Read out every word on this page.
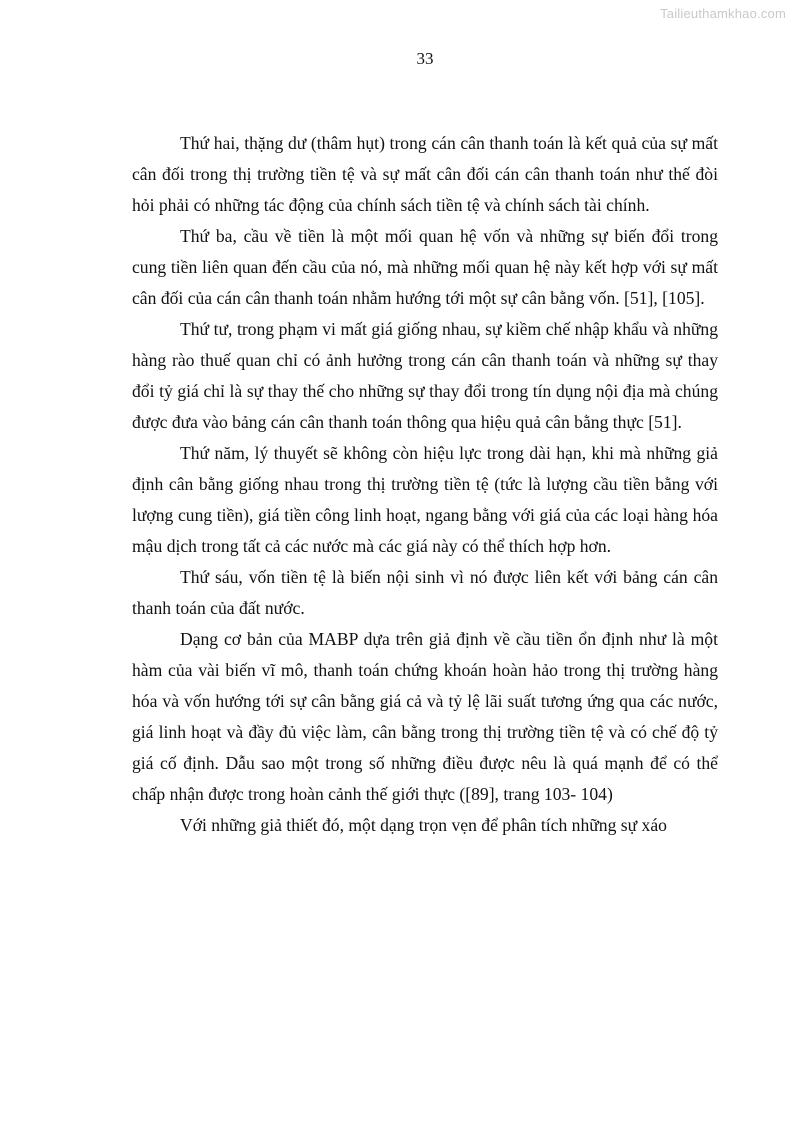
Tailieuthamkhao.com
33

Thứ hai, thặng dư (thâm hụt) trong cán cân thanh toán là kết quả của sự mất cân đối trong thị trường tiền tệ và sự mất cân đối cán cân thanh toán như thế đòi hỏi phải có những tác động của chính sách tiền tệ và chính sách tài chính.

Thứ ba, cầu về tiền là một mối quan hệ vốn và những sự biến đổi trong cung tiền liên quan đến cầu của nó, mà những mối quan hệ này kết hợp với sự mất cân đối của cán cân thanh toán nhằm hướng tới một sự cân bằng vốn. [51], [105].

Thứ tư, trong phạm vi mất giá giống nhau, sự kiềm chế nhập khẩu và những hàng rào thuế quan chỉ có ảnh hưởng trong cán cân thanh toán và những sự thay đổi tỷ giá chỉ là sự thay thế cho những sự thay đổi trong tín dụng nội địa mà chúng được đưa vào bảng cán cân thanh toán thông qua hiệu quả cân bằng thực [51].

Thứ năm, lý thuyết sẽ không còn hiệu lực trong dài hạn, khi mà những giả định cân bằng giống nhau trong thị trường tiền tệ (tức là lượng cầu tiền bằng với lượng cung tiền), giá tiền công linh hoạt, ngang bằng với giá của các loại hàng hóa mậu dịch trong tất cả các nước mà các giá này có thể thích hợp hơn.

Thứ sáu, vốn tiền tệ là biến nội sinh vì nó được liên kết với bảng cán cân thanh toán của đất nước.

Dạng cơ bản của MABP dựa trên giả định về cầu tiền ổn định như là một hàm của vài biến vĩ mô, thanh toán chứng khoán hoàn hảo trong thị trường hàng hóa và vốn hướng tới sự cân bằng giá cả và tỷ lệ lãi suất tương ứng qua các nước, giá linh hoạt và đầy đủ việc làm, cân bằng trong thị trường tiền tệ và có chế độ tỷ giá cố định. Dẫu sao một trong số những điều được nêu là quá mạnh để có thể chấp nhận được trong hoàn cảnh thế giới thực ([89], trang 103- 104)

Với những giả thiết đó, một dạng trọn vẹn để phân tích những sự xáo
